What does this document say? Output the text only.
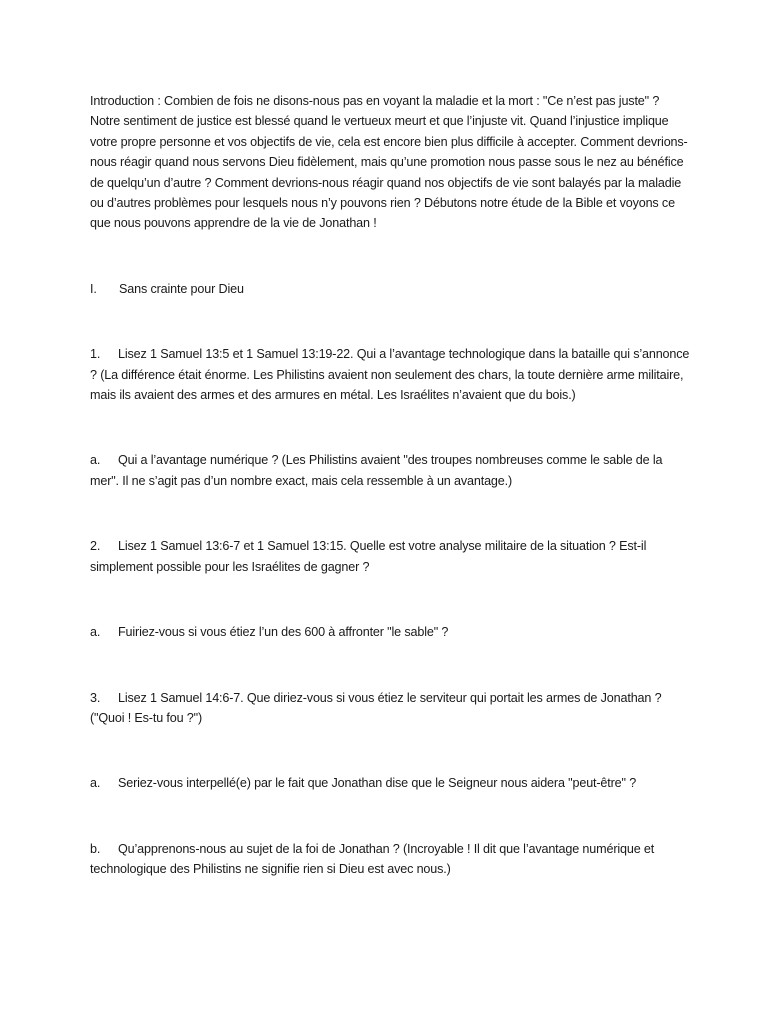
Introduction : Combien de fois ne disons-nous pas en voyant la maladie et la mort : "Ce n’est pas juste" ? Notre sentiment de justice est blessé quand le vertueux meurt et que l’injuste vit. Quand l’injustice implique votre propre personne et vos objectifs de vie, cela est encore bien plus difficile à accepter. Comment devrions-nous réagir quand nous servons Dieu fidèlement, mais qu’une promotion nous passe sous le nez au bénéfice de quelqu’un d’autre ? Comment devrions-nous réagir quand nos objectifs de vie sont balayés par la maladie ou d’autres problèmes pour lesquels nous n’y pouvons rien ? Débutons notre étude de la Bible et voyons ce que nous pouvons apprendre de la vie de Jonathan !

I. Sans crainte pour Dieu

1. Lisez 1 Samuel 13:5 et 1 Samuel 13:19-22. Qui a l’avantage technologique dans la bataille qui s’annonce ? (La différence était énorme. Les Philistins avaient non seulement des chars, la toute dernière arme militaire, mais ils avaient des armes et des armures en métal. Les Israélites n’avaient que du bois.)

a. Qui a l’avantage numérique ? (Les Philistins avaient "des troupes nombreuses comme le sable de la mer". Il ne s’agit pas d’un nombre exact, mais cela ressemble à un avantage.)

2. Lisez 1 Samuel 13:6-7 et 1 Samuel 13:15. Quelle est votre analyse militaire de la situation ? Est-il simplement possible pour les Israélites de gagner ?

a. Fuiriez-vous si vous étiez l’un des 600 à affronter "le sable" ?

3. Lisez 1 Samuel 14:6-7. Que diriez-vous si vous étiez le serviteur qui portait les armes de Jonathan ? ("Quoi ! Es-tu fou ?")

a. Seriez-vous interpellé(e) par le fait que Jonathan dise que le Seigneur nous aidera "peut-être" ?

b. Qu’apprenons-nous au sujet de la foi de Jonathan ? (Incroyable ! Il dit que l’avantage numérique et technologique des Philistins ne signifie rien si Dieu est avec nous.)
